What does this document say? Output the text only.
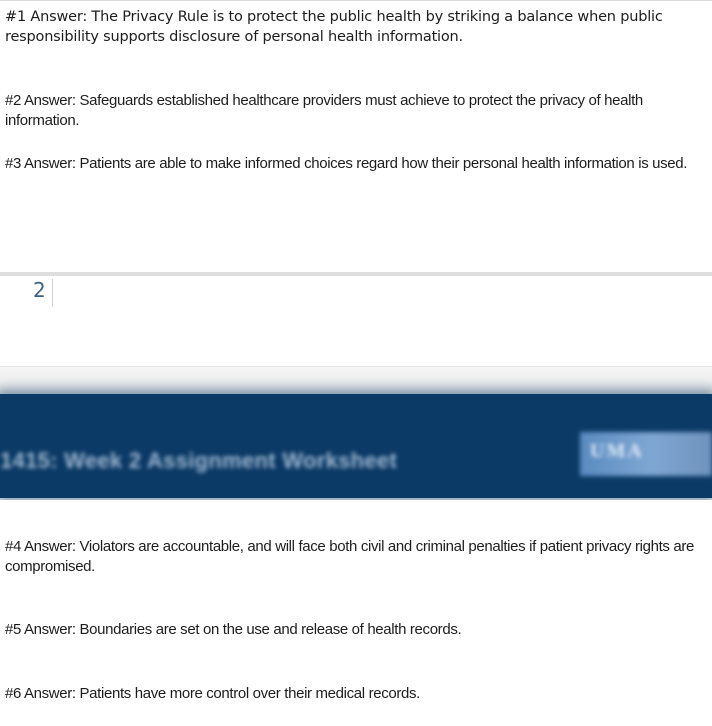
#1 Answer: The Privacy Rule is to protect the public health by striking a balance when public responsibility supports disclosure of personal health information.
#2 Answer: Safeguards established healthcare providers must achieve to protect the privacy of health information.
#3 Answer: Patients are able to make informed choices regard how their personal health information is used.
2
1415: Week 2 Assignment Worksheet	UMA
#4 Answer: Violators are accountable, and will face both civil and criminal penalties if patient privacy rights are compromised.
#5 Answer: Boundaries are set on the use and release of health records.
#6 Answer: Patients have more control over their medical records.
